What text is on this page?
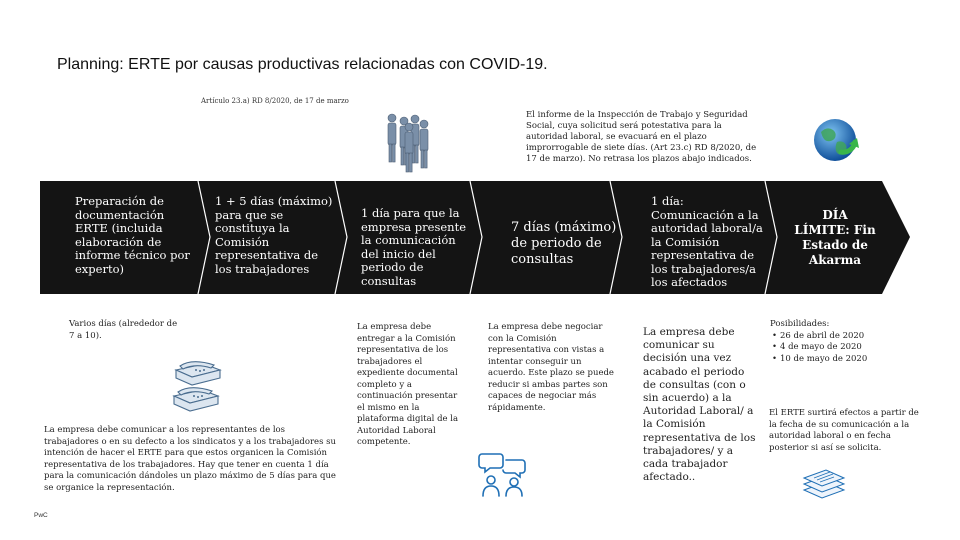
Planning: ERTE por causas productivas relacionadas con COVID-19.
Artículo 23.a) RD 8/2020, de 17 de marzo
El informe de la Inspección de Trabajo y Seguridad Social, cuya solicitud será potestativa para la autoridad laboral, se evacuará en el plazo improrrogable de siete días. (Art 23.c) RD 8/2020, de 17 de marzo). No retrasa los plazos abajo indicados.
Preparación de documentación ERTE (incluida elaboración de informe técnico por experto)
1 + 5 días (máximo) para que se constituya la Comisión representativa de los trabajadores
1 día para que la empresa presente la comunicación del inicio del periodo de consultas
7 días (máximo) de periodo de consultas
1 día: Comunicación a la autoridad laboral/a la Comisión representativa de los trabajadores/a los afectados
DÍA LÍMITE: Fin Estado de Akarma
Varios días (alrededor de 7 a 10).
La empresa debe comunicar a los representantes de los trabajadores o en su defecto a los sindicatos y a los trabajadores su intención de hacer el ERTE para que estos organicen la Comisión representativa de los trabajadores. Hay que tener en cuenta 1 día para la comunicación dándoles un plazo máximo de 5 días para que se organice la representación.
La empresa debe entregar a la Comisión representativa de los trabajadores el expediente documental completo y a continuación presentar el mismo en la plataforma digital de la Autoridad Laboral competente.
La empresa debe negociar con la Comisión representativa con vistas a intentar conseguir un acuerdo. Este plazo se puede reducir si ambas partes son capaces de negociar más rápidamente.
La empresa debe comunicar su decisión una vez acabado el periodo de consultas (con o sin acuerdo) a la Autoridad Laboral/ a la Comisión representativa de los trabajadores/ y a cada trabajador afectado..
Posibilidades:
• 26 de abril de 2020
• 4 de mayo de 2020
• 10 de mayo de 2020
El ERTE surtirá efectos a partir de la fecha de su comunicación a la autoridad laboral o en fecha posterior si así se solicita.
PwC
